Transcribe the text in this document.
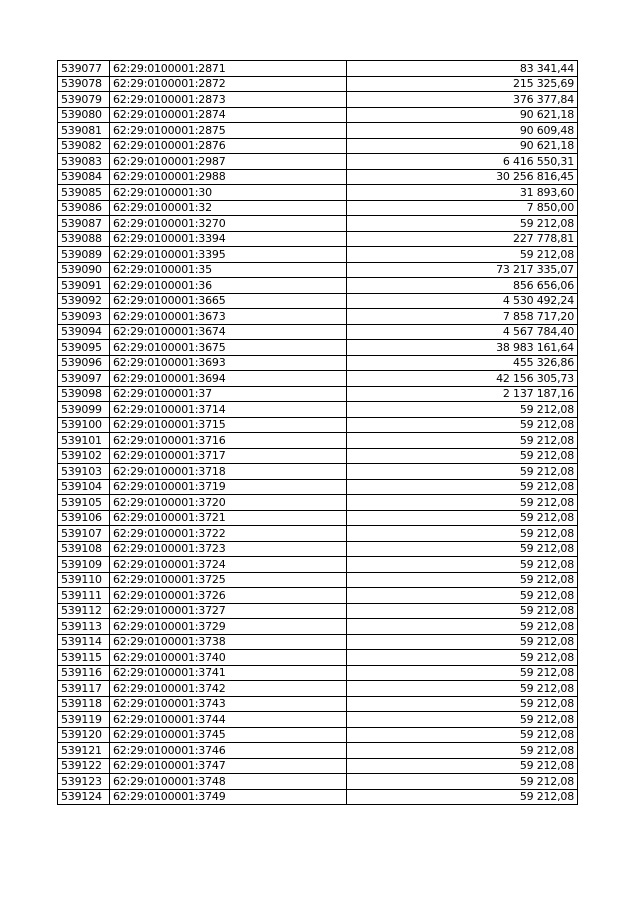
539077	62:29:0100001:2871	83 341,44
539078	62:29:0100001:2872	215 325,69
539079	62:29:0100001:2873	376 377,84
539080	62:29:0100001:2874	90 621,18
539081	62:29:0100001:2875	90 609,48
539082	62:29:0100001:2876	90 621,18
539083	62:29:0100001:2987	6 416 550,31
539084	62:29:0100001:2988	30 256 816,45
539085	62:29:0100001:30	31 893,60
539086	62:29:0100001:32	7 850,00
539087	62:29:0100001:3270	59 212,08
539088	62:29:0100001:3394	227 778,81
539089	62:29:0100001:3395	59 212,08
539090	62:29:0100001:35	73 217 335,07
539091	62:29:0100001:36	856 656,06
539092	62:29:0100001:3665	4 530 492,24
539093	62:29:0100001:3673	7 858 717,20
539094	62:29:0100001:3674	4 567 784,40
539095	62:29:0100001:3675	38 983 161,64
539096	62:29:0100001:3693	455 326,86
539097	62:29:0100001:3694	42 156 305,73
539098	62:29:0100001:37	2 137 187,16
539099	62:29:0100001:3714	59 212,08
539100	62:29:0100001:3715	59 212,08
539101	62:29:0100001:3716	59 212,08
539102	62:29:0100001:3717	59 212,08
539103	62:29:0100001:3718	59 212,08
539104	62:29:0100001:3719	59 212,08
539105	62:29:0100001:3720	59 212,08
539106	62:29:0100001:3721	59 212,08
539107	62:29:0100001:3722	59 212,08
539108	62:29:0100001:3723	59 212,08
539109	62:29:0100001:3724	59 212,08
539110	62:29:0100001:3725	59 212,08
539111	62:29:0100001:3726	59 212,08
539112	62:29:0100001:3727	59 212,08
539113	62:29:0100001:3729	59 212,08
539114	62:29:0100001:3738	59 212,08
539115	62:29:0100001:3740	59 212,08
539116	62:29:0100001:3741	59 212,08
539117	62:29:0100001:3742	59 212,08
539118	62:29:0100001:3743	59 212,08
539119	62:29:0100001:3744	59 212,08
539120	62:29:0100001:3745	59 212,08
539121	62:29:0100001:3746	59 212,08
539122	62:29:0100001:3747	59 212,08
539123	62:29:0100001:3748	59 212,08
539124	62:29:0100001:3749	59 212,08
